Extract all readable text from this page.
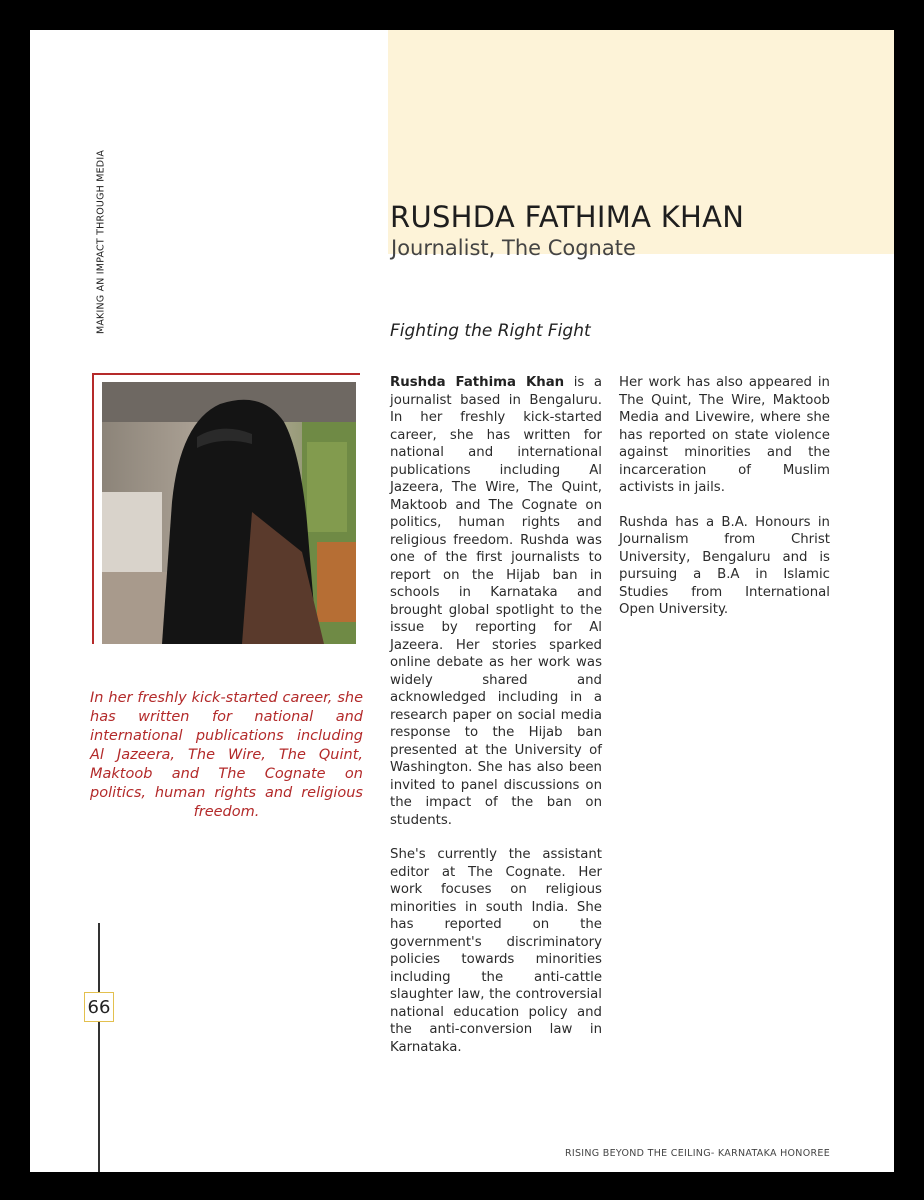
MAKING AN IMPACT THROUGH MEDIA	RUSHDA FATHIMA KHAN
Journalist, The Cognate
Fighting the Right Fight
In her freshly kick-started career, she has written for national and international publications including Al Jazeera, The Wire, The Quint, Maktoob and The Cognate on politics, human rights and religious freedom.
66

Rushda Fathima Khan is a journalist based in Bengaluru. In her freshly kick-started career, she has written for national and international publications including Al Jazeera, The Wire, The Quint, Maktoob and The Cognate on politics, human rights and religious freedom. Rushda was one of the first journalists to report on the Hijab ban in schools in Karnataka and brought global spotlight to the issue by reporting for Al Jazeera. Her stories sparked online debate as her work was widely shared and acknowledged including in a research paper on social media response to the Hijab ban presented at the University of Washington. She has also been invited to panel discussions on the impact of the ban on students.

She's currently the assistant editor at The Cognate. Her work focuses on religious minorities in south India. She has reported on the government's discriminatory policies towards minorities including the anti-cattle slaughter law, the controversial national education policy and the anti-conversion law in Karnataka.

Her work has also appeared in The Quint, The Wire, Maktoob Media and Livewire, where she has reported on state violence against minorities and the incarceration of Muslim activists in jails.

Rushda has a B.A. Honours in Journalism from Christ University, Bengaluru and is pursuing a B.A in Islamic Studies from International Open University.

RISING BEYOND THE CEILING- KARNATAKA HONOREE
